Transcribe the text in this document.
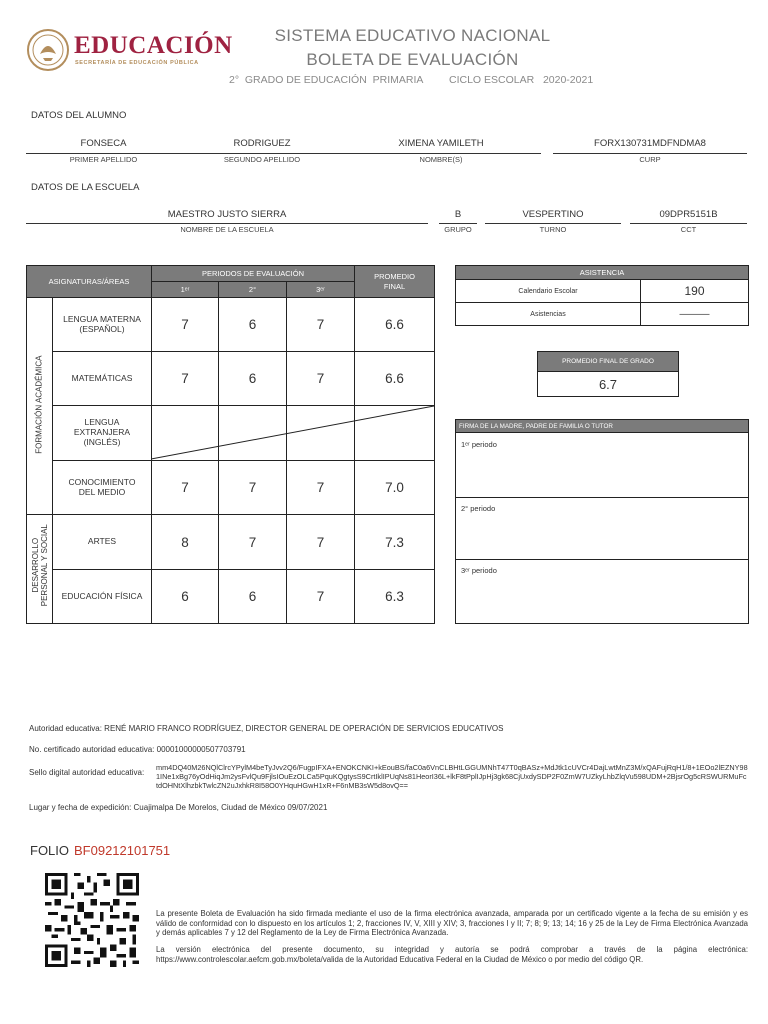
EDUCACIÓN
SECRETARÍA DE EDUCACIÓN PÚBLICA
SISTEMA EDUCATIVO NACIONAL
BOLETA DE EVALUACIÓN
2°  GRADO DE EDUCACIÓN  PRIMARIA CICLO ESCOLAR   2020-2021
DATOS DEL ALUMNO
FONSECA
PRIMER APELLIDO
RODRIGUEZ
SEGUNDO APELLIDO
XIMENA YAMILETH
NOMBRE(S)
FORX130731MDFNDMA8
CURP
DATOS DE LA ESCUELA
MAESTRO JUSTO SIERRA
NOMBRE DE LA ESCUELA
B
GRUPO
VESPERTINO
TURNO
09DPR5151B
CCT
ASIGNATURAS/ÁREAS
PERIODOS DE EVALUACIÓN
1ᵉʳ	2°	3ᵉʳ
PROMEDIO FINAL
FORMACIÓN ACADÉMICA
DESARROLLO PERSONAL Y SOCIAL
LENGUA MATERNA (ESPAÑOL)	7	6	7	6.6
MATEMÁTICAS	7	6	7	6.6
LENGUA EXTRANJERA (INGLÉS)
CONOCIMIENTO DEL MEDIO	7	7	7	7.0
ARTES	8	7	7	7.3
EDUCACIÓN FÍSICA	6	6	7	6.3
ASISTENCIA
Calendario Escolar	190
Asistencias	———
PROMEDIO FINAL DE GRADO
6.7
FIRMA DE LA MADRE, PADRE DE FAMILIA O TUTOR
1ᵉʳ periodo
2° periodo
3ᵉʳ periodo
Autoridad educativa: RENÉ MARIO FRANCO RODRÍGUEZ, DIRECTOR GENERAL DE OPERACIÓN DE SERVICIOS EDUCATIVOS
No. certificado autoridad educativa: 00001000000507703791
Sello digital autoridad educativa:
mm4DQ40M26NQlClrcYPylM4beTyJvv2Q6/FugpIFXA+ENOKCNKI+kEouBS/faC0a6VnCLBHtLGGUMNhT47T0qBASz+MdJtk1cUVCr4DajLwtMnZ3M/xQAFujRqH1/8+1EOo2lEZNY981INe1xBg76yOdHiqJm2ysFvlQu9FjlsIOuEzOLCa5PquKQgtysS9CrtIklIPUqNs81HeorI36L+lkF8tPplIJpHj3gk68CjUxdySDP2F0ZmW7UZkyLhbZlqVu598UDM+2BjsrOg5cRSWURMuFctdOHNtXlhzbkTwlcZN2uJxhkR8I58O0YHquHGwH1xR+F6nMB3sW5d8ovQ==
Lugar y fecha de expedición: Cuajimalpa De Morelos, Ciudad de México 09/07/2021
FOLIO BF09212101751
La presente Boleta de Evaluación ha sido firmada mediante el uso de la firma electrónica avanzada, amparada por un certificado vigente a la fecha de su emisión y es válido de conformidad con lo dispuesto en los artículos 1; 2, fracciones IV, V, XIII y XIV; 3, fracciones I y II; 7; 8; 9; 13; 14; 16 y 25 de la Ley de Firma Electrónica Avanzada y demás aplicables 7 y 12 del Reglamento de la Ley de Firma Electrónica Avanzada.
La versión electrónica del presente documento, su integridad y autoría se podrá comprobar a través de la página electrónica: https://www.controlescolar.aefcm.gob.mx/boleta/valida de la Autoridad Educativa Federal en la Ciudad de México o por medio del código QR.
